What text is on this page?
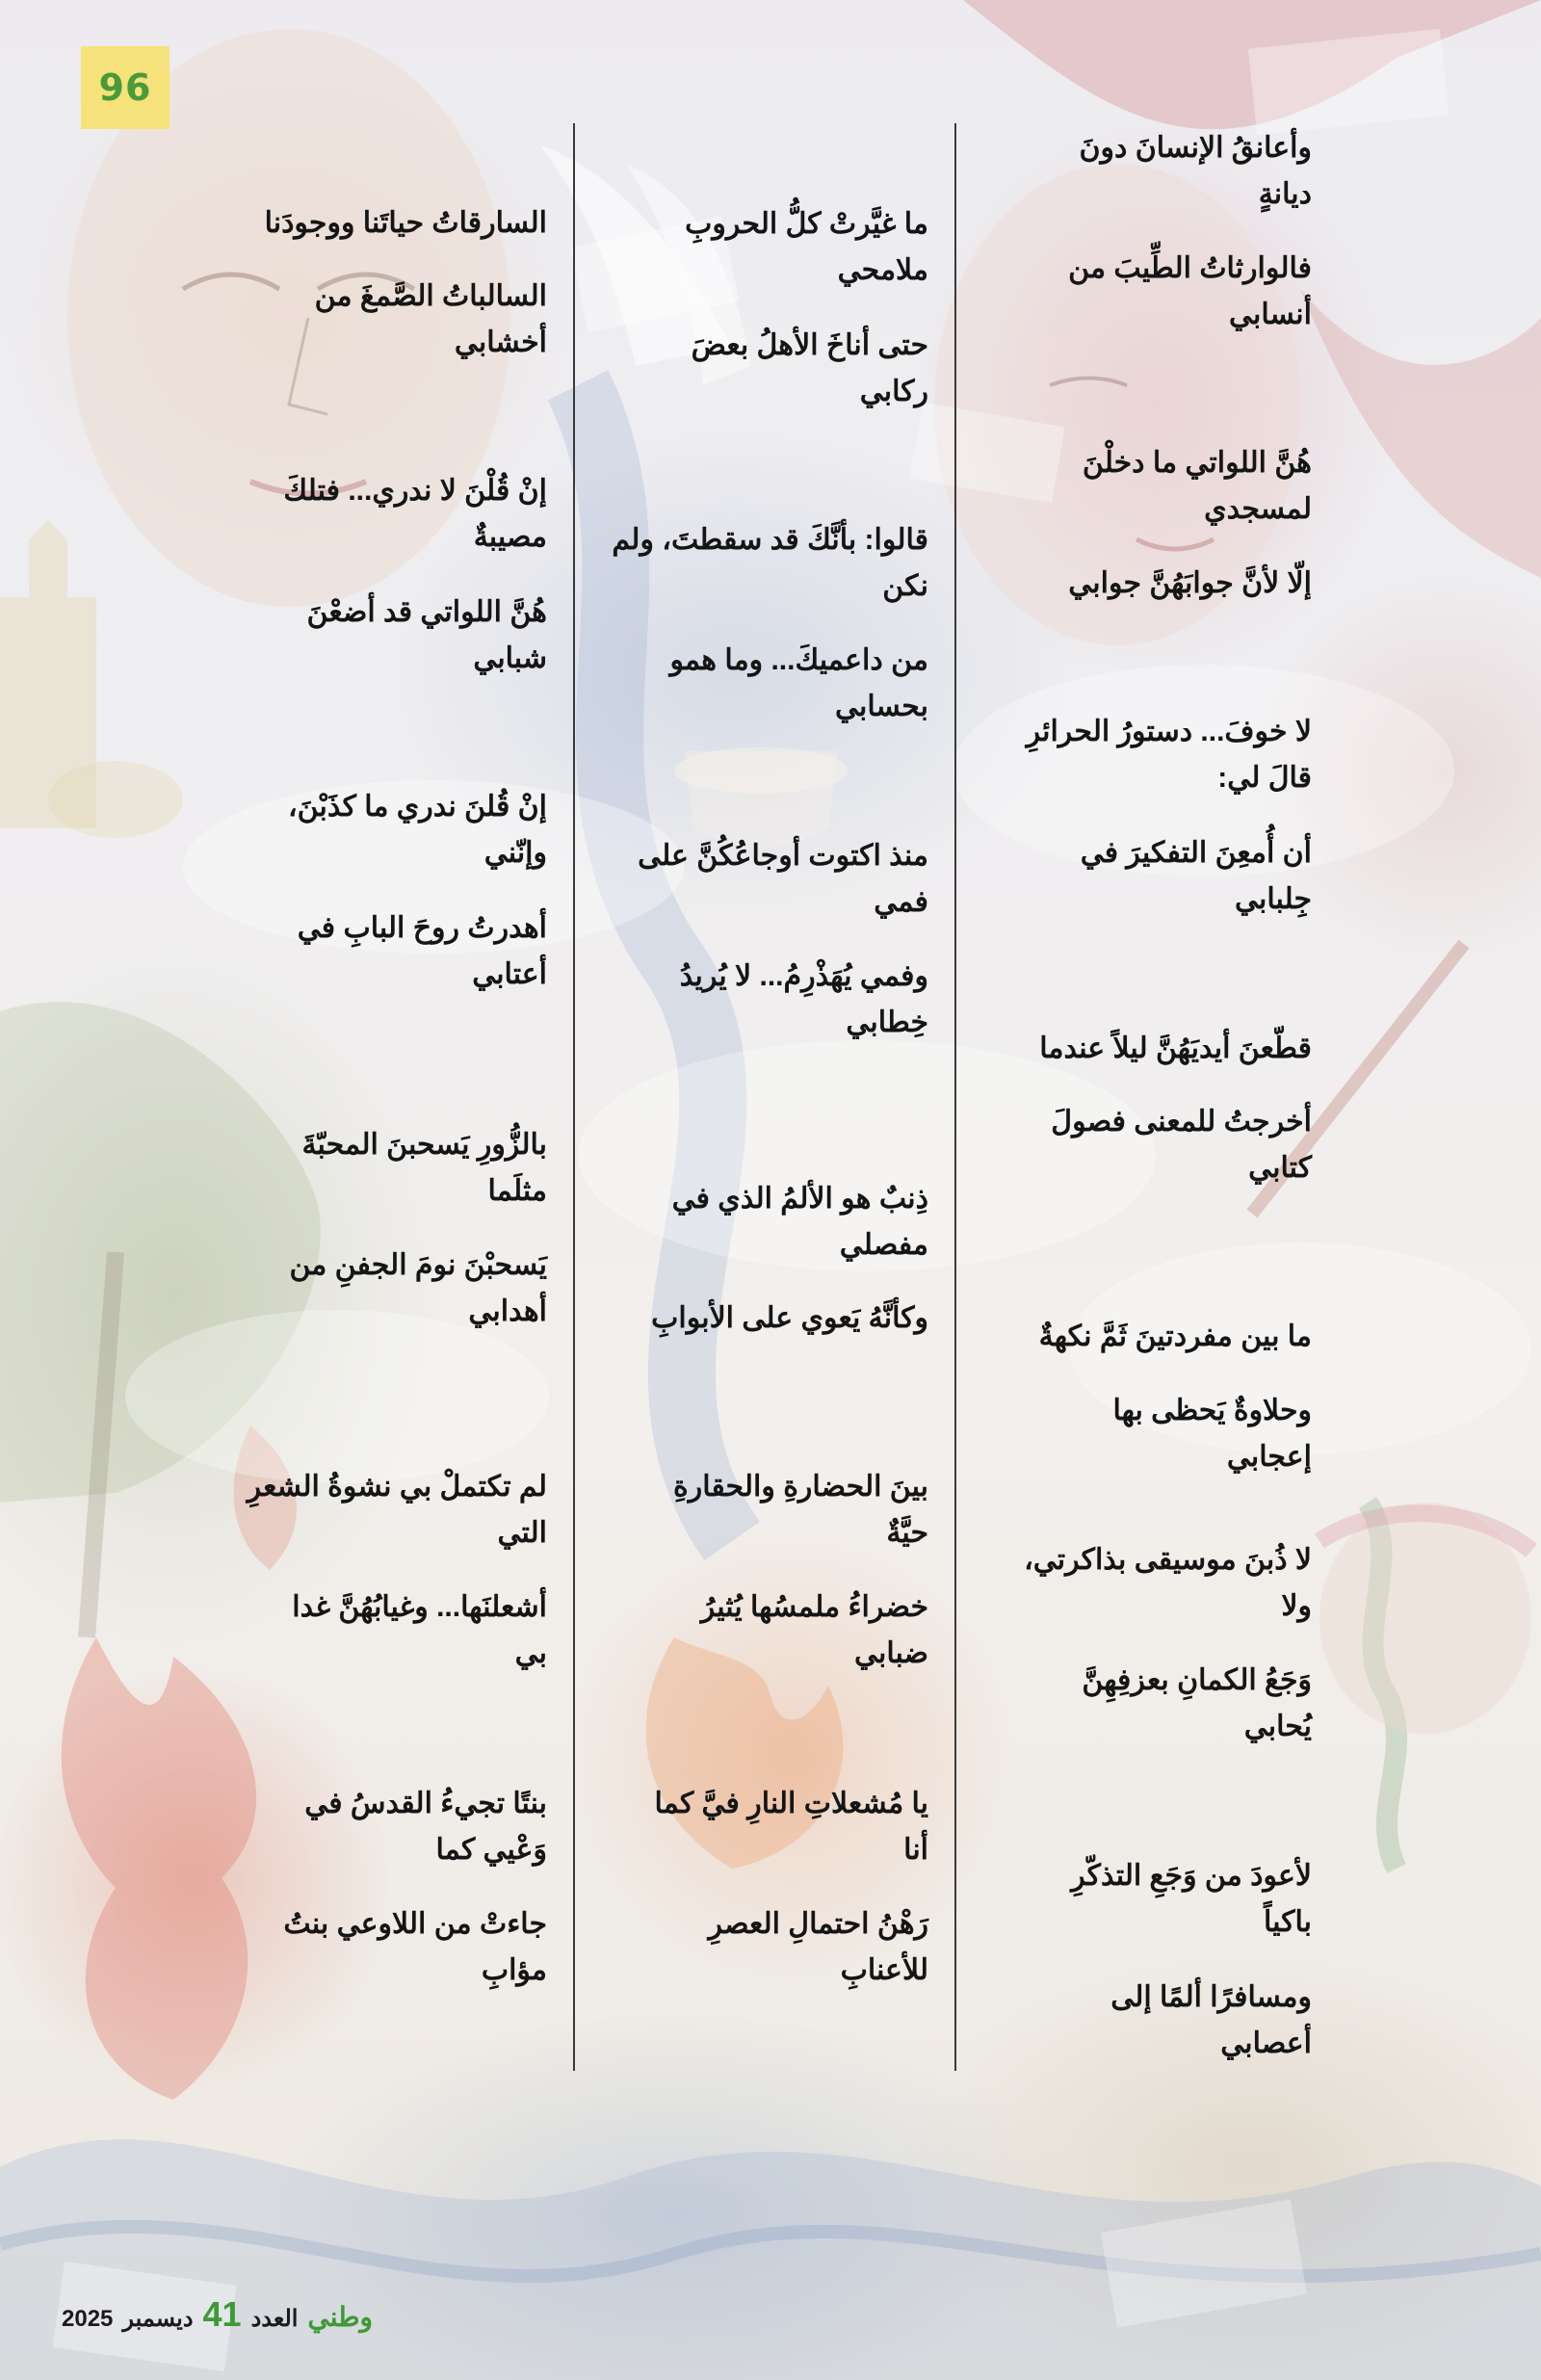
96
وأعانقُ الإنسانَ دونَ
ديانةٍ
فالوارثاتُ الطِّيبَ من
أنسابي
هُنَّ اللواتي ما دخلْنَ
لمسجدي
إلّا لأنَّ جوابَهُنَّ جوابي
لا خوفَ... دستورُ الحرائرِ
قالَ لي:
أن أُمعِنَ التفكيرَ في
جِلبابي
قطّعنَ أيديَهُنَّ ليلاً عندما
أخرجتُ للمعنى فصولَ
كتابي
ما بين مفردتينَ ثَمَّ نكهةٌ
وحلاوةٌ يَحظى بها إعجابي
لا ذُبنَ موسيقى بذاكرتي،
ولا
وَجَعُ الكمانِ بعزفِهِنَّ
يُحابي
لأعودَ من وَجَعِ التذكّرِ
باكياً
ومسافرًا ألمًا إلى أعصابي
ما غيَّرتْ كلُّ الحروبِ
ملامحي
حتى أناخَ الأهلُ بعضَ
ركابي
قالوا: بأنَّكَ قد سقطتَ، ولم
نكن
من داعميكَ... وما همو
بحسابي
منذ اكتوت أوجاعُكُنَّ على
فمي
وفمي يُهَذْرِمُ... لا يُريدُ
خِطابي
ذِنبٌ هو الألمُ الذي في
مفصلي
وكأنَّهُ يَعوي على الأبوابِ
بينَ الحضارةِ والحقارةِ
حيَّةٌ
خضراءُ ملمسُها يُثيرُ
ضبابي
يا مُشعلاتِ النارِ فيَّ كما
أنا
رَهْنُ احتمالِ العصرِ
للأعنابِ
السارقاتُ حياتَنا ووجودَنا
السالباتُ الصَّمغَ من
أخشابي
إنْ قُلْنَ لا ندري... فتلكَ
مصيبةٌ
هُنَّ اللواتي قد أضعْنَ
شبابي
إنْ قُلنَ ندري ما كذَبْنَ،
وإنّني
أهدرتُ روحَ البابِ في
أعتابي
بالزُّورِ يَسحبنَ المحبّةَ
مثلَما
يَسحبْنَ نومَ الجفنِ من
أهدابي
لم تكتملْ بي نشوةُ الشعرِ
التي
أشعلنَها... وغيابُهُنَّ غدا
بي
بنتًا تجيءُ القدسُ في
وَعْيي كما
جاءتْ من اللاوعي بنتُ
مؤابِ
2025 ديسمبر 41 العدد وطني
